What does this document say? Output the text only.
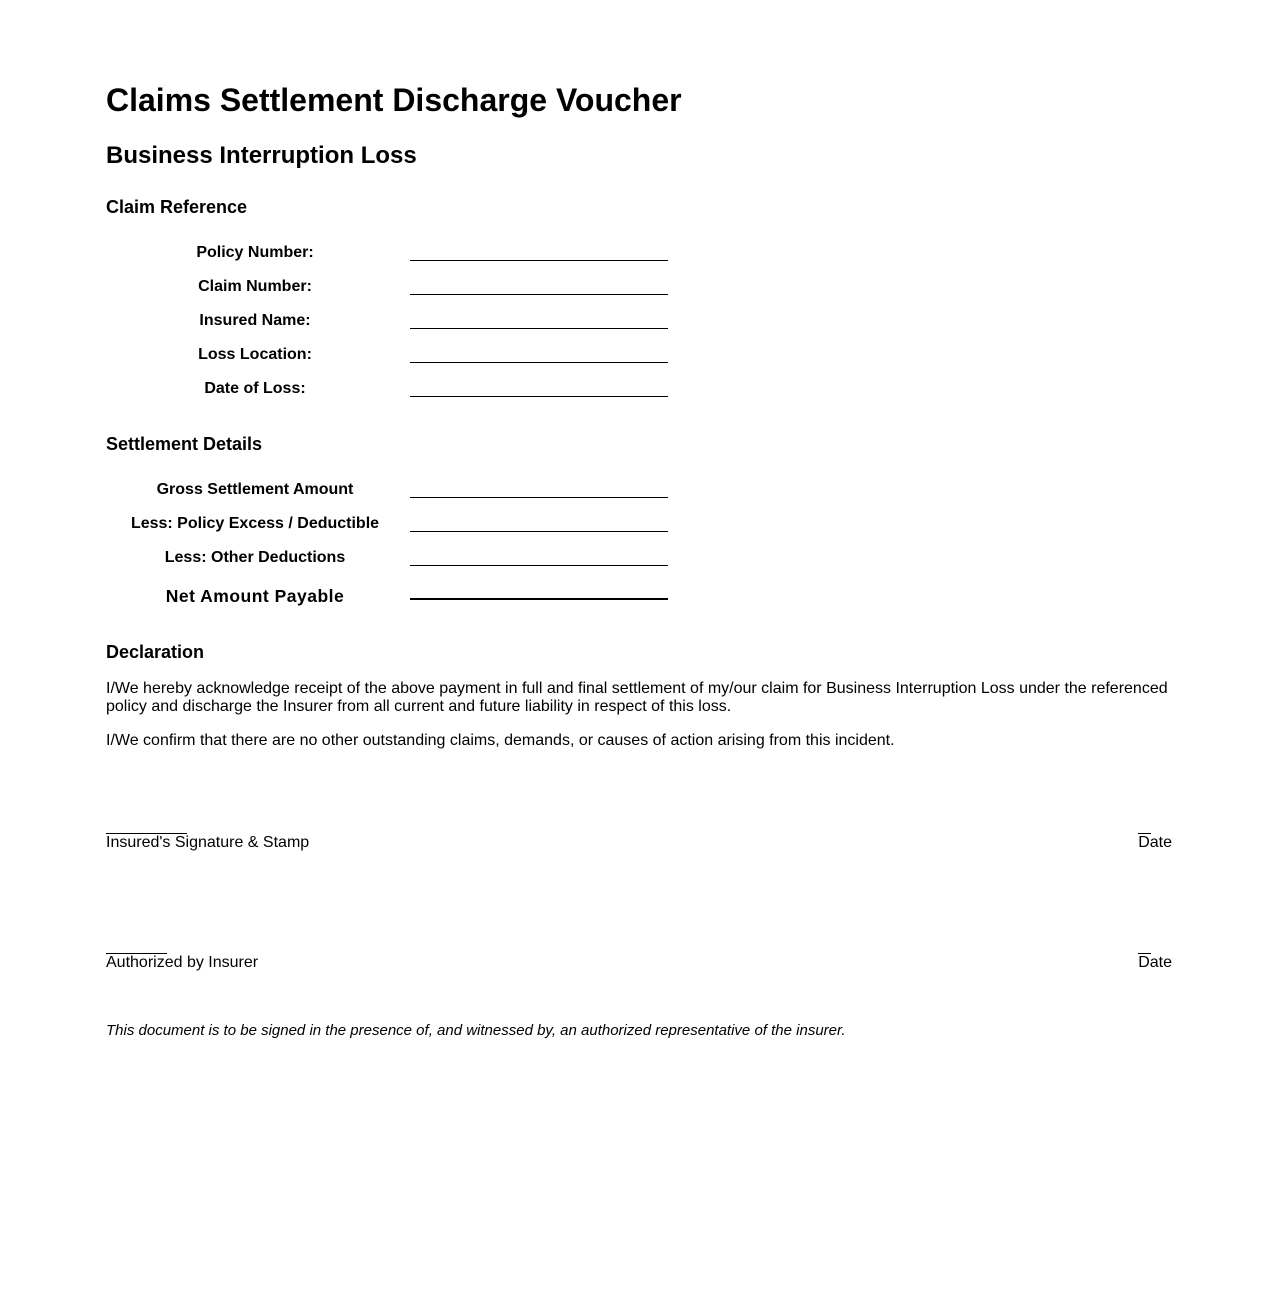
Claims Settlement Discharge Voucher
Business Interruption Loss
Claim Reference
Policy Number:
Claim Number:
Insured Name:
Loss Location:
Date of Loss:
Settlement Details
Gross Settlement Amount
Less: Policy Excess / Deductible
Less: Other Deductions
Net Amount Payable
Declaration

I/We hereby acknowledge receipt of the above payment in full and final settlement of my/our claim for Business Interruption Loss under the referenced policy and discharge the Insurer from all current and future liability in respect of this loss.

I/We confirm that there are no other outstanding claims, demands, or causes of action arising from this incident.

Insured's Signature & Stamp	Date
Authorized by Insurer	Date

This document is to be signed in the presence of, and witnessed by, an authorized representative of the insurer.
